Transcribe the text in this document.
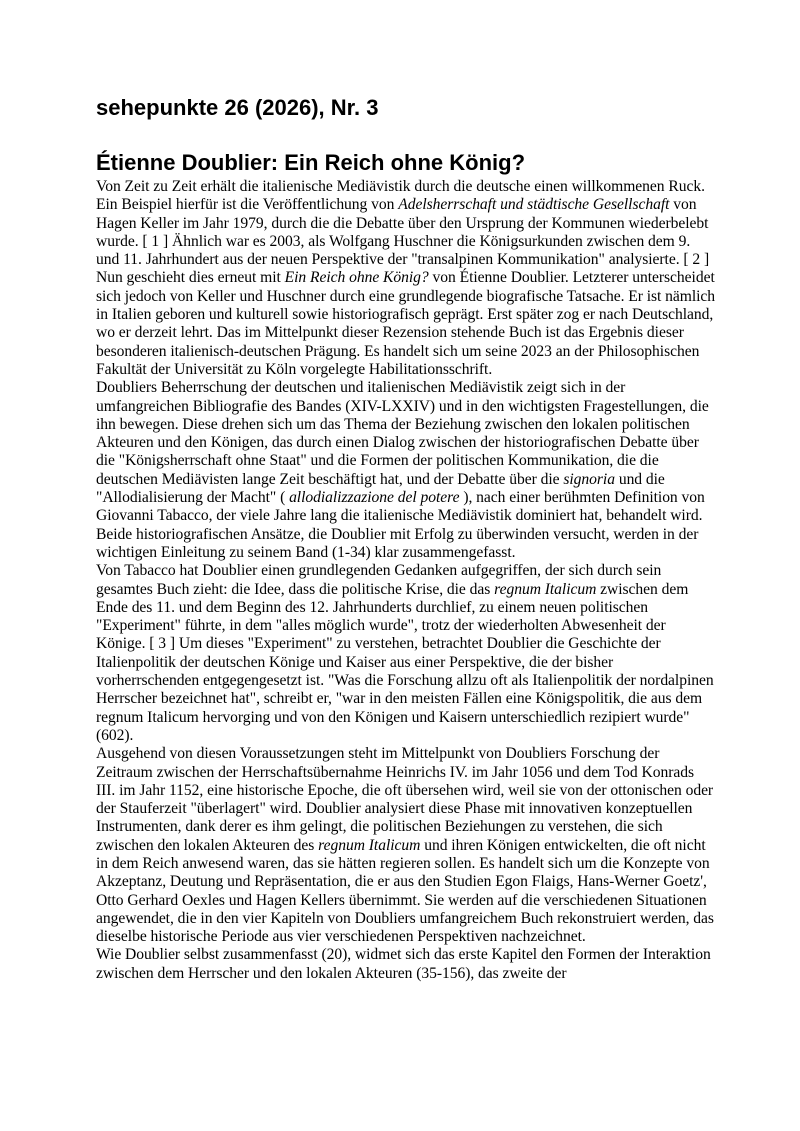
sehepunkte 26 (2026), Nr. 3
Étienne Doublier: Ein Reich ohne König?

Von Zeit zu Zeit erhält die italienische Mediävistik durch die deutsche einen willkommenen Ruck. Ein Beispiel hierfür ist die Veröffentlichung von Adelsherrschaft und städtische Gesellschaft von Hagen Keller im Jahr 1979, durch die die Debatte über den Ursprung der Kommunen wiederbelebt wurde. [ 1 ] Ähnlich war es 2003, als Wolfgang Huschner die Königsurkunden zwischen dem 9. und 11. Jahrhundert aus der neuen Perspektive der "transalpinen Kommunikation" analysierte. [ 2 ] Nun geschieht dies erneut mit Ein Reich ohne König? von Étienne Doublier. Letzterer unterscheidet sich jedoch von Keller und Huschner durch eine grundlegende biografische Tatsache. Er ist nämlich in Italien geboren und kulturell sowie historiografisch geprägt. Erst später zog er nach Deutschland, wo er derzeit lehrt. Das im Mittelpunkt dieser Rezension stehende Buch ist das Ergebnis dieser besonderen italienisch-deutschen Prägung. Es handelt sich um seine 2023 an der Philosophischen Fakultät der Universität zu Köln vorgelegte Habilitationsschrift.

Doubliers Beherrschung der deutschen und italienischen Mediävistik zeigt sich in der umfangreichen Bibliografie des Bandes (XIV-LXXIV) und in den wichtigsten Fragestellungen, die ihn bewegen. Diese drehen sich um das Thema der Beziehung zwischen den lokalen politischen Akteuren und den Königen, das durch einen Dialog zwischen der historiografischen Debatte über die "Königsherrschaft ohne Staat" und die Formen der politischen Kommunikation, die die deutschen Mediävisten lange Zeit beschäftigt hat, und der Debatte über die signoria und die "Allodialisierung der Macht" ( allodializzazione del potere ), nach einer berühmten Definition von Giovanni Tabacco, der viele Jahre lang die italienische Mediävistik dominiert hat, behandelt wird. Beide historiografischen Ansätze, die Doublier mit Erfolg zu überwinden versucht, werden in der wichtigen Einleitung zu seinem Band (1-34) klar zusammengefasst.

Von Tabacco hat Doublier einen grundlegenden Gedanken aufgegriffen, der sich durch sein gesamtes Buch zieht: die Idee, dass die politische Krise, die das regnum Italicum zwischen dem Ende des 11. und dem Beginn des 12. Jahrhunderts durchlief, zu einem neuen politischen "Experiment" führte, in dem "alles möglich wurde", trotz der wiederholten Abwesenheit der Könige. [ 3 ] Um dieses "Experiment" zu verstehen, betrachtet Doublier die Geschichte der Italienpolitik der deutschen Könige und Kaiser aus einer Perspektive, die der bisher vorherrschenden entgegengesetzt ist. "Was die Forschung allzu oft als Italienpolitik der nordalpinen Herrscher bezeichnet hat", schreibt er, "war in den meisten Fällen eine Königspolitik, die aus dem regnum Italicum hervorging und von den Königen und Kaisern unterschiedlich rezipiert wurde" (602).

Ausgehend von diesen Voraussetzungen steht im Mittelpunkt von Doubliers Forschung der Zeitraum zwischen der Herrschaftsübernahme Heinrichs IV. im Jahr 1056 und dem Tod Konrads III. im Jahr 1152, eine historische Epoche, die oft übersehen wird, weil sie von der ottonischen oder der Stauferzeit "überlagert" wird. Doublier analysiert diese Phase mit innovativen konzeptuellen Instrumenten, dank derer es ihm gelingt, die politischen Beziehungen zu verstehen, die sich zwischen den lokalen Akteuren des regnum Italicum und ihren Königen entwickelten, die oft nicht in dem Reich anwesend waren, das sie hätten regieren sollen. Es handelt sich um die Konzepte von Akzeptanz, Deutung und Repräsentation, die er aus den Studien Egon Flaigs, Hans-Werner Goetz', Otto Gerhard Oexles und Hagen Kellers übernimmt. Sie werden auf die verschiedenen Situationen angewendet, die in den vier Kapiteln von Doubliers umfangreichem Buch rekonstruiert werden, das dieselbe historische Periode aus vier verschiedenen Perspektiven nachzeichnet.

Wie Doublier selbst zusammenfasst (20), widmet sich das erste Kapitel den Formen der Interaktion zwischen dem Herrscher und den lokalen Akteuren (35-156), das zweite der
